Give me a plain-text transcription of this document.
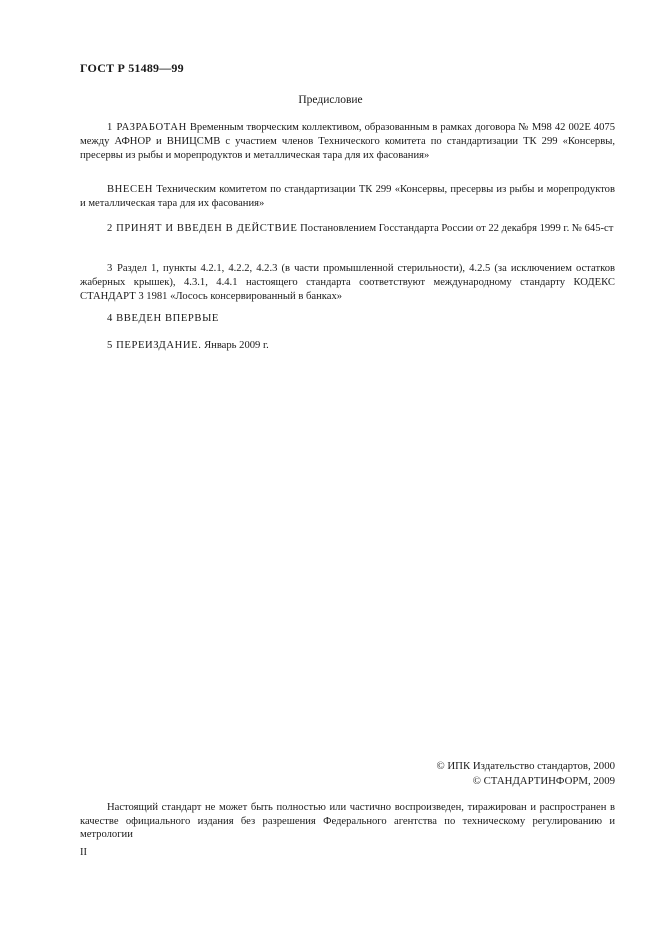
ГОСТ Р 51489—99
Предисловие

1 РАЗРАБОТАН Временным творческим коллективом, образованным в рамках договора № М98 42 002Е 4075 между АФНОР и ВНИЦСМВ с участием членов Технического комитета по стандартизации ТК 299 «Консервы, пресервы из рыбы и морепродуктов и металлическая тара для их фасования»

ВНЕСЕН Техническим комитетом по стандартизации ТК 299 «Консервы, пресервы из рыбы и морепродуктов и металлическая тара для их фасования»

2 ПРИНЯТ И ВВЕДЕН В ДЕЙСТВИЕ Постановлением Госстандарта России от 22 декабря 1999 г. № 645-ст

3 Раздел 1, пункты 4.2.1, 4.2.2, 4.2.3 (в части промышленной стерильности), 4.2.5 (за исключением остатков жаберных крышек), 4.3.1, 4.4.1 настоящего стандарта соответствуют международному стандарту КОДЕКС СТАНДАРТ 3 1981 «Лосось консервированный в банках»

4 ВВЕДЕН ВПЕРВЫЕ

5 ПЕРЕИЗДАНИЕ. Январь 2009 г.

© ИПК Издательство стандартов, 2000
© СТАНДАРТИНФОРМ, 2009

Настоящий стандарт не может быть полностью или частично воспроизведен, тиражирован и распространен в качестве официального издания без разрешения Федерального агентства по техническому регулированию и метрологии

II
